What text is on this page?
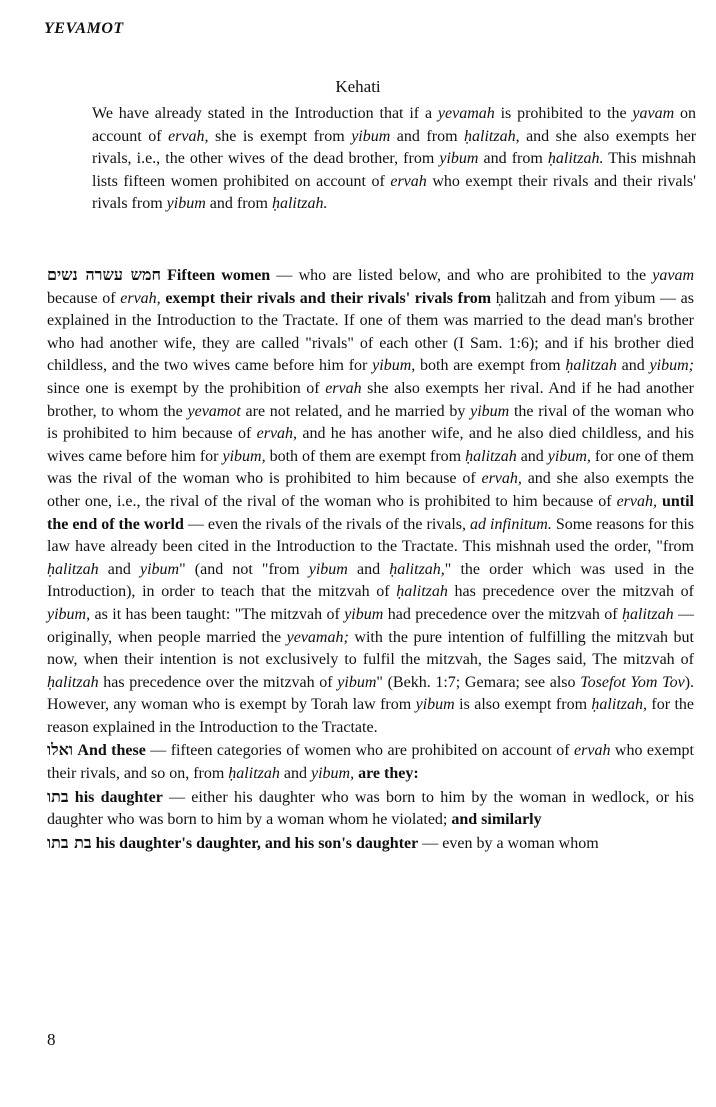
YEVAMOT
Kehati
We have already stated in the Introduction that if a yevamah is prohibited to the yavam on account of ervah, she is exempt from yibum and from ḥalitzah, and she also exempts her rivals, i.e., the other wives of the dead brother, from yibum and from ḥalitzah. This mishnah lists fifteen women prohibited on account of ervah who exempt their rivals and their rivals' rivals from yibum and from ḥalitzah.

חמש עשרה נשים Fifteen women — who are listed below, and who are prohibited to the yavam because of ervah, exempt their rivals and their rivals' rivals from ḥalitzah and from yibum — as explained in the Introduction to the Tractate. If one of them was married to the dead man's brother who had another wife, they are called "rivals" of each other (I Sam. 1:6); and if his brother died childless, and the two wives came before him for yibum, both are exempt from ḥalitzah and yibum; since one is exempt by the prohibition of ervah she also exempts her rival. And if he had another brother, to whom the yevamot are not related, and he married by yibum the rival of the woman who is prohibited to him because of ervah, and he has another wife, and he also died childless, and his wives came before him for yibum, both of them are exempt from ḥalitzah and yibum, for one of them was the rival of the woman who is prohibited to him because of ervah, and she also exempts the other one, i.e., the rival of the rival of the woman who is prohibited to him because of ervah, until the end of the world — even the rivals of the rivals of the rivals, ad infinitum. Some reasons for this law have already been cited in the Introduction to the Tractate. This mishnah used the order, "from ḥalitzah and yibum" (and not "from yibum and ḥalitzah," the order which was used in the Introduction), in order to teach that the mitzvah of ḥalitzah has precedence over the mitzvah of yibum, as it has been taught: "The mitzvah of yibum had precedence over the mitzvah of ḥalitzah — originally, when people married the yevamah; with the pure intention of fulfilling the mitzvah but now, when their intention is not exclusively to fulfil the mitzvah, the Sages said, The mitzvah of ḥalitzah has precedence over the mitzvah of yibum" (Bekh. 1:7; Gemara; see also Tosefot Yom Tov). However, any woman who is exempt by Torah law from yibum is also exempt from ḥalitzah, for the reason explained in the Introduction to the Tractate.

ואלו And these — fifteen categories of women who are prohibited on account of ervah who exempt their rivals, and so on, from ḥalitzah and yibum, are they:

בתו his daughter — either his daughter who was born to him by the woman in wedlock, or his daughter who was born to him by a woman whom he violated; and similarly

בת בתו his daughter's daughter, and his son's daughter — even by a woman whom

8
